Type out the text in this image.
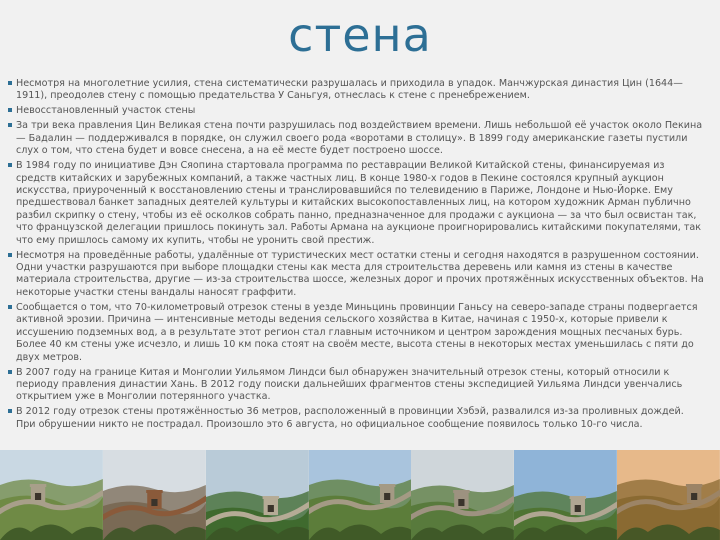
стена

Несмотря на многолетние усилия, стена систематически разрушалась и приходила в упадок. Манчжурская династия Цин (1644—1911), преодолев стену с помощью предательства У Саньгуя, отнеслась к стене с пренебрежением.

Невосстановленный участок стены

За три века правления Цин Великая стена почти разрушилась под воздействием времени. Лишь небольшой её участок около Пекина — Бадалин — поддерживался в порядке, он служил своего рода «воротами в столицу». В 1899 году американские газеты пустили слух о том, что стена будет и вовсе снесена, а на её месте будет построено шоссе.

В 1984 году по инициативе Дэн Сяопина стартовала программа по реставрации Великой Китайской стены, финансируемая из средств китайских и зарубежных компаний, а также частных лиц. В конце 1980-х годов в Пекине состоялся крупный аукцион искусства, приуроченный к восстановлению стены и транслировавшийся по телевидению в Париже, Лондоне и Нью-Йорке. Ему предшествовал банкет западных деятелей культуры и китайских высокопоставленных лиц, на котором художник Арман публично разбил скрипку о стену, чтобы из её осколков собрать панно, предназначенное для продажи с аукциона — за что был освистан так, что французской делегации пришлось покинуть зал. Работы Армана на аукционе проигнорировались китайскими покупателями, так что ему пришлось самому их купить, чтобы не уронить свой престиж.

Несмотря на проведённые работы, удалённые от туристических мест остатки стены и сегодня находятся в разрушенном состоянии. Одни участки разрушаются при выборе площадки стены как места для строительства деревень или камня из стены в качестве материала строительства, другие — из-за строительства шоссе, железных дорог и прочих протяжённых искусственных объектов. На некоторые участки стены вандалы наносят граффити.

Сообщается о том, что 70-километровый отрезок стены в уезде Миньцинь провинции Ганьсу на северо-западе страны подвергается активной эрозии. Причина — интенсивные методы ведения сельского хозяйства в Китае, начиная с 1950-х, которые привели к иссушению подземных вод, а в результате этот регион стал главным источником и центром зарождения мощных песчаных бурь. Более 40 км стены уже исчезло, и лишь 10 км пока стоят на своём месте, высота стены в некоторых местах уменьшилась с пяти до двух метров.

В 2007 году на границе Китая и Монголии Уильямом Линдси был обнаружен значительный отрезок стены, который относили к периоду правления династии Хань. В 2012 году поиски дальнейших фрагментов стены экспедицией Уильяма Линдси увенчались открытием уже в Монголии потерянного участка.

В 2012 году отрезок стены протяжённостью 36 метров, расположенный в провинции Хэбэй, развалился из-за проливных дождей. При обрушении никто не пострадал. Произошло это 6 августа, но официальное сообщение появилось только 10-го числа.
